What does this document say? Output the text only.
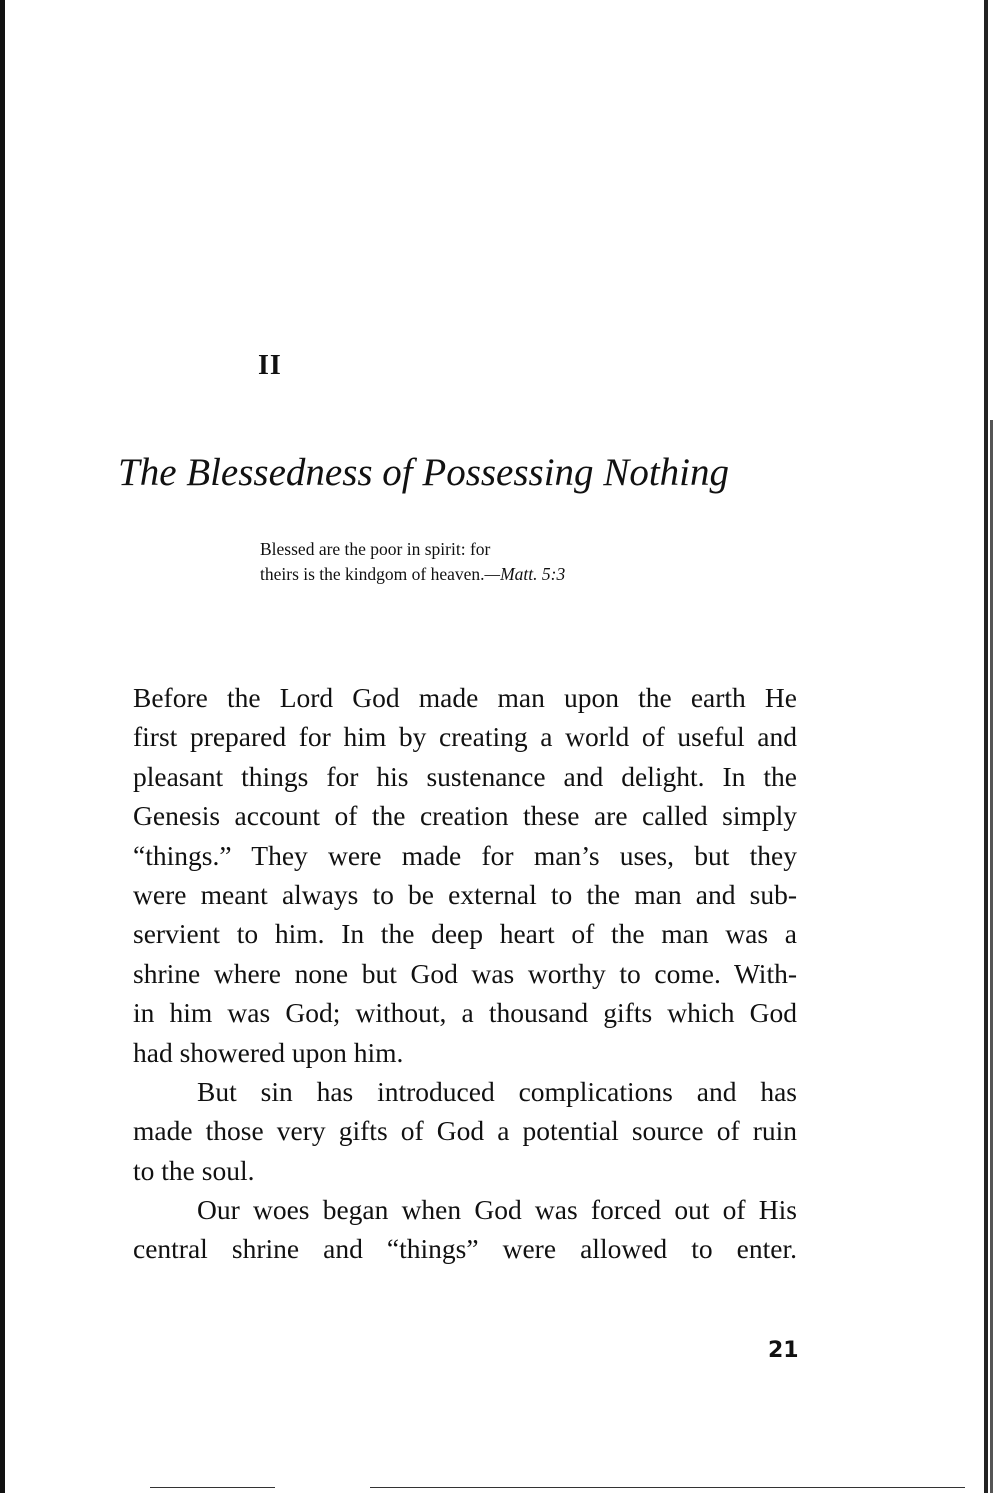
II
The Blessedness of Possessing Nothing
Blessed are the poor in spirit: for
theirs is the kindgom of heaven.—Matt. 5:3
Before the Lord God made man upon the earth He
first prepared for him by creating a world of useful and
pleasant things for his sustenance and delight. In the
Genesis account of the creation these are called simply
“things.” They were made for man’s uses, but they
were meant always to be external to the man and sub-
servient to him. In the deep heart of the man was a
shrine where none but God was worthy to come. With-
in him was God; without, a thousand gifts which God
had showered upon him.
But sin has introduced complications and has
made those very gifts of God a potential source of ruin
to the soul.
Our woes began when God was forced out of His
central shrine and “things” were allowed to enter.
21
